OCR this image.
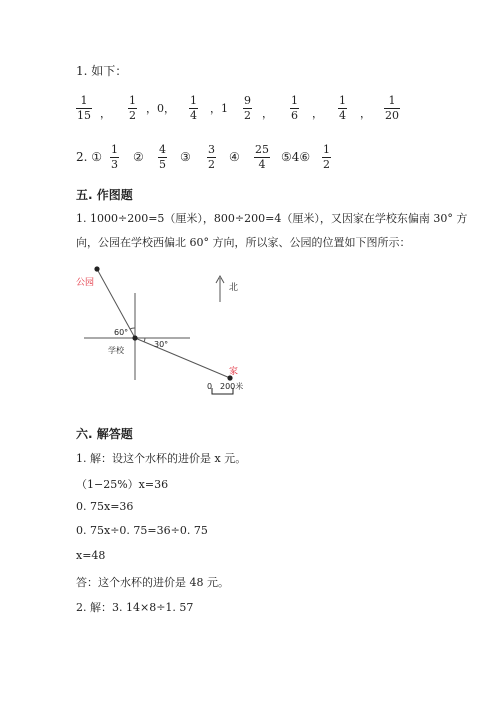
1. 如下：
1
15 ，
1
2
，0，
1
4
，1
9
2 ，
1
6 ，
1
4 ，
1
20
2. ①
1
3
②
4
5
③
3
2
④
25
4
⑤4⑥
1
2
五. 作图题
1. 1000÷200=5（厘米），800÷200=4（厘米），又因家在学校东偏南 30° 方
向，公园在学校西偏北 60° 方向，所以家、公园的位置如下图所示：
公园
学校
家
北
60°
30°
0 200米
六. 解答题
1. 解：设这个水杯的进价是 x 元。
（1−25%）x=36
0. 75x=36
0. 75x÷0. 75=36÷0. 75
x=48
答：这个水杯的进价是 48 元。
2. 解：3. 14×8÷1. 57
